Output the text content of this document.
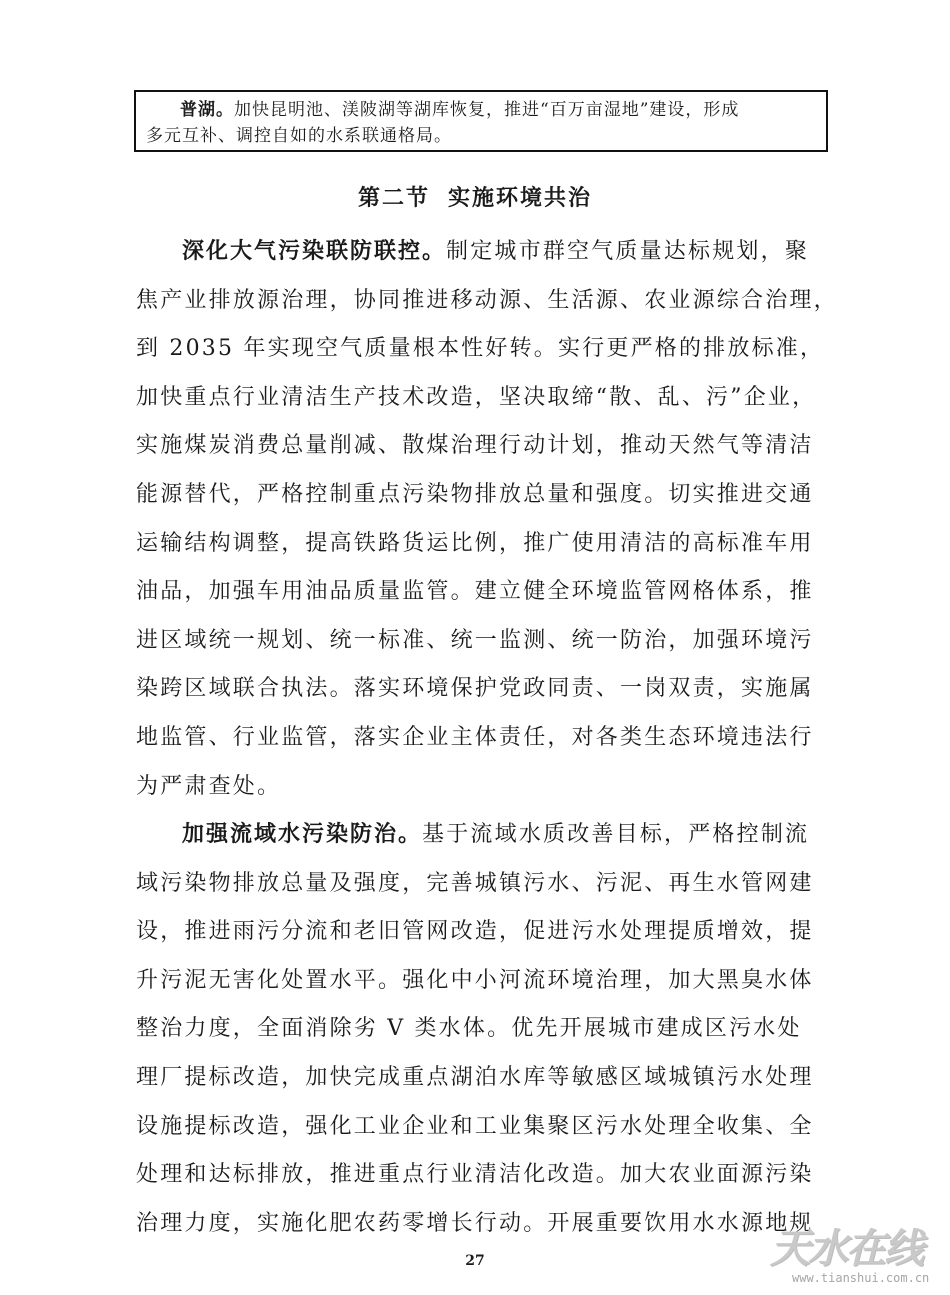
普湖。加快昆明池、渼陂湖等湖库恢复，推进“百万亩湿地”建设，形成
多元互补、调控自如的水系联通格局。
第二节 实施环境共治
深化大气污染联防联控。制定城市群空气质量达标规划，聚
焦产业排放源治理，协同推进移动源、生活源、农业源综合治理，
到 2035 年实现空气质量根本性好转。实行更严格的排放标准，
加快重点行业清洁生产技术改造，坚决取缔“散、乱、污”企业，
实施煤炭消费总量削减、散煤治理行动计划，推动天然气等清洁
能源替代，严格控制重点污染物排放总量和强度。切实推进交通
运输结构调整，提高铁路货运比例，推广使用清洁的高标准车用
油品，加强车用油品质量监管。建立健全环境监管网格体系，推
进区域统一规划、统一标准、统一监测、统一防治，加强环境污
染跨区域联合执法。落实环境保护党政同责、一岗双责，实施属
地监管、行业监管，落实企业主体责任，对各类生态环境违法行
为严肃查处。
加强流域水污染防治。基于流域水质改善目标，严格控制流
域污染物排放总量及强度，完善城镇污水、污泥、再生水管网建
设，推进雨污分流和老旧管网改造，促进污水处理提质增效，提
升污泥无害化处置水平。强化中小河流环境治理，加大黑臭水体
整治力度，全面消除劣 V 类水体。优先开展城市建成区污水处
理厂提标改造，加快完成重点湖泊水库等敏感区域城镇污水处理
设施提标改造，强化工业企业和工业集聚区污水处理全收集、全
处理和达标排放，推进重点行业清洁化改造。加大农业面源污染
治理力度，实施化肥农药零增长行动。开展重要饮用水水源地规
27	天水在线
www.tianshui.com.cn
